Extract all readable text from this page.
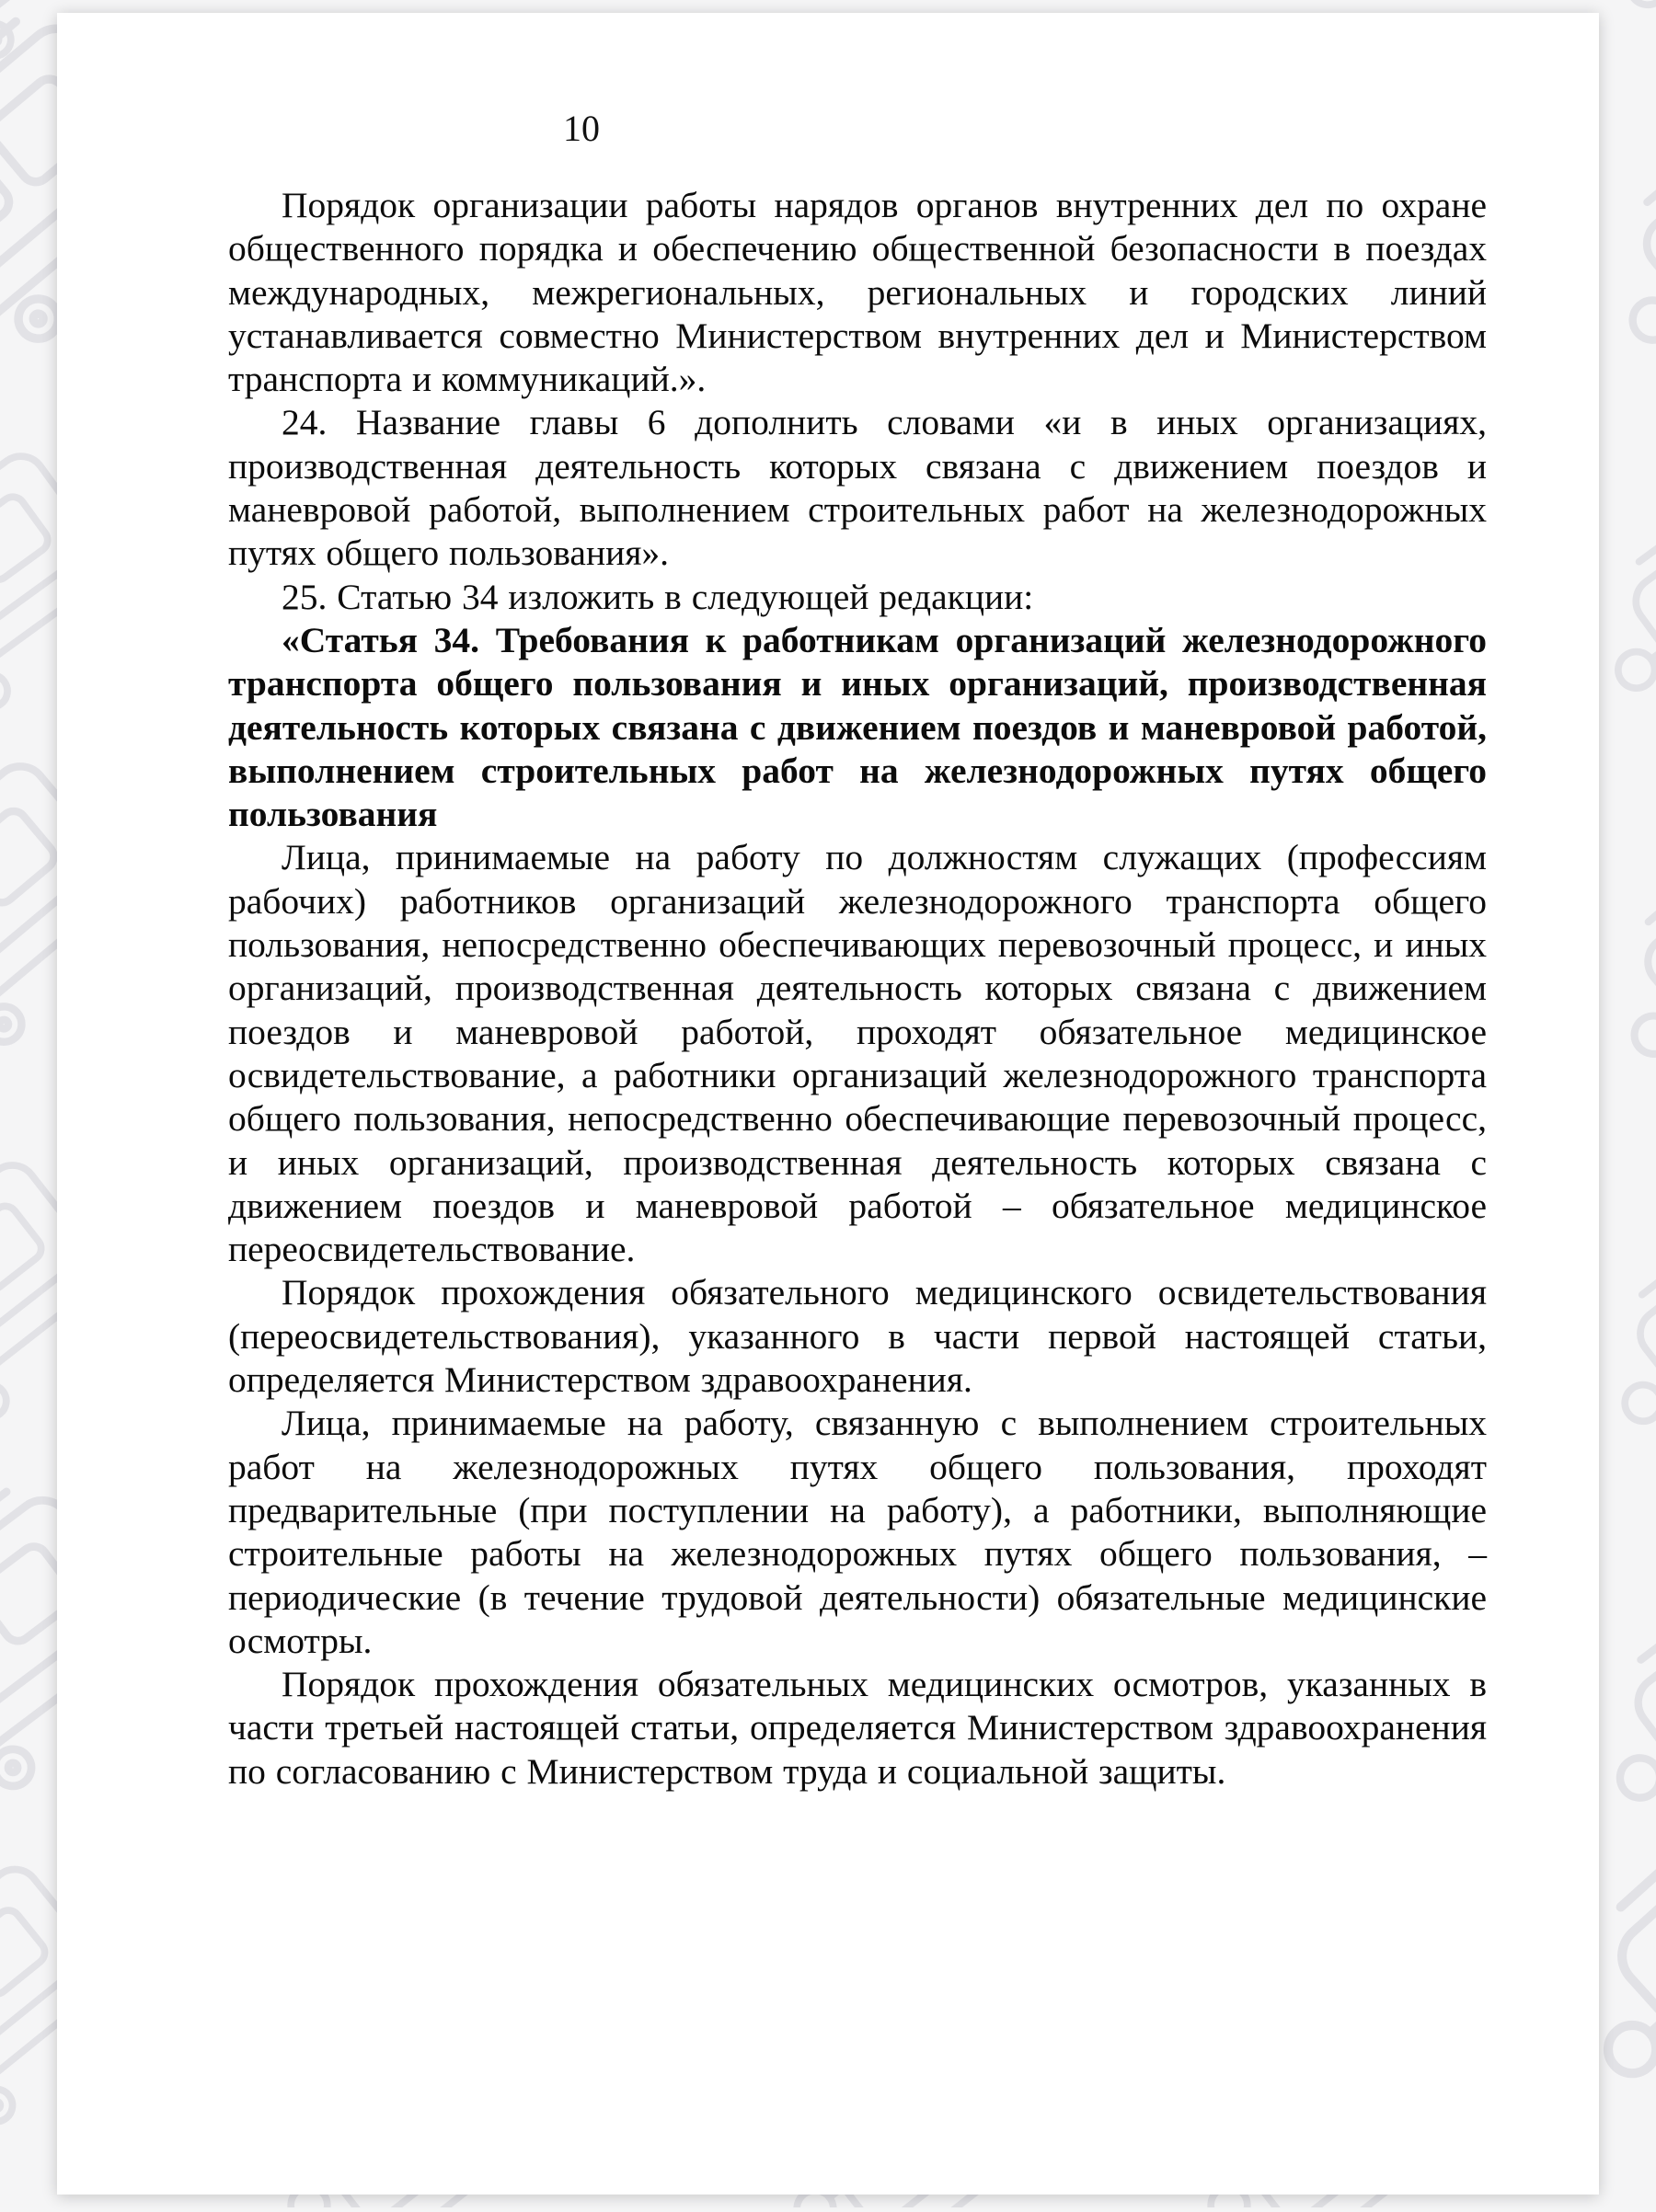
10

Порядок организации работы нарядов органов внутренних дел по охране общественного порядка и обеспечению общественной безопасности в поездах международных, межрегиональных, региональных и городских линий устанавливается совместно Министерством внутренних дел и Министерством транспорта и коммуникаций.».

24. Название главы 6 дополнить словами «и в иных организациях, производственная деятельность которых связана с движением поездов и маневровой работой, выполнением строительных работ на железнодорожных путях общего пользования».

25. Статью 34 изложить в следующей редакции:

«Статья 34. Требования к работникам организаций железнодорожного транспорта общего пользования и иных организаций, производственная деятельность которых связана с движением поездов и маневровой работой, выполнением строительных работ на железнодорожных путях общего пользования

Лица, принимаемые на работу по должностям служащих (профессиям рабочих) работников организаций железнодорожного транспорта общего пользования, непосредственно обеспечивающих перевозочный процесс, и иных организаций, производственная деятельность которых связана с движением поездов и маневровой работой, проходят обязательное медицинское освидетельствование, а работники организаций железнодорожного транспорта общего пользования, непосредственно обеспечивающие перевозочный процесс, и иных организаций, производственная деятельность которых связана с движением поездов и маневровой работой – обязательное медицинское переосвидетельствование.

Порядок прохождения обязательного медицинского освидетельствования (переосвидетельствования), указанного в части первой настоящей статьи, определяется Министерством здравоохранения.

Лица, принимаемые на работу, связанную с выполнением строительных работ на железнодорожных путях общего пользования, проходят предварительные (при поступлении на работу), а работники, выполняющие строительные работы на железнодорожных путях общего пользования, – периодические (в течение трудовой деятельности) обязательные медицинские осмотры.

Порядок прохождения обязательных медицинских осмотров, указанных в части третьей настоящей статьи, определяется Министерством здравоохранения по согласованию с Министерством труда и социальной защиты.
